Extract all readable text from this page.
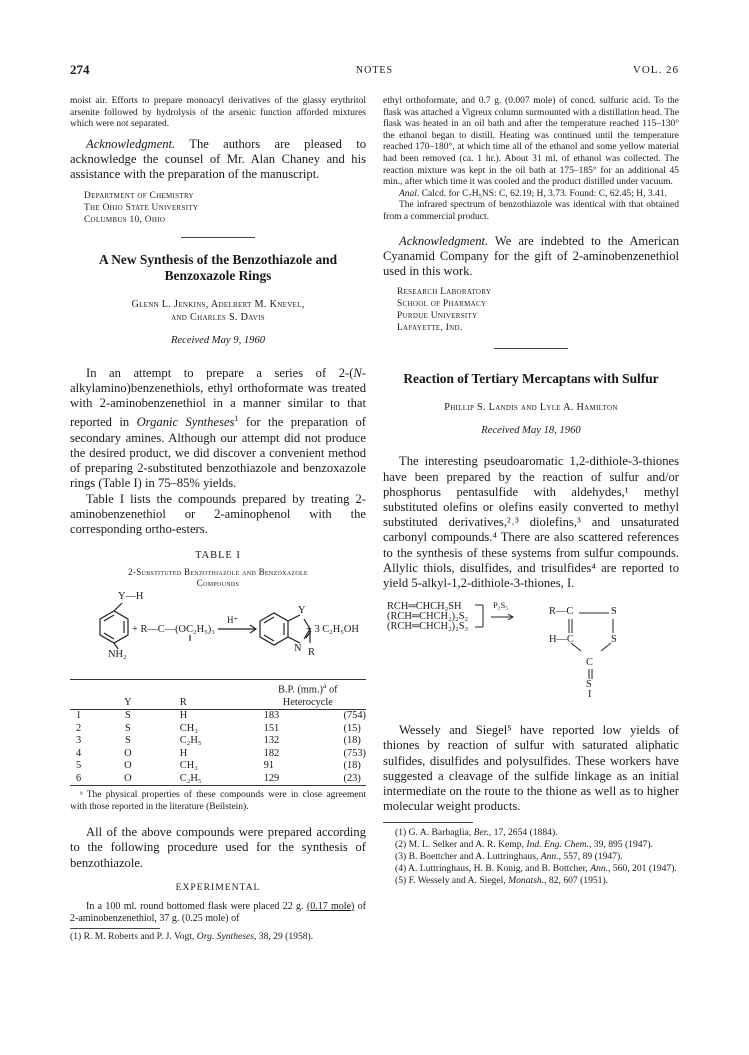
274	NOTES	VOL. 26

moist air. Efforts to prepare monoacyl derivatives of the glassy erythritol arsenite followed by hydrolysis of the arsenic function afforded mixtures which were not separated.

Acknowledgment. The authors are pleased to acknowledge the counsel of Mr. Alan Chaney and his assistance with the preparation of the manuscript.

Department of Chemistry
The Ohio State University
Columbus 10, Ohio
A New Synthesis of the Benzothiazole and
Benzoxazole Rings
Glenn L. Jenkins, Adelbert M. Knevel,
and Charles S. Davis
Received May 9, 1960

In an attempt to prepare a series of 2-(N-alkylamino)benzenethiols, ethyl orthoformate was treated with 2-aminobenzenethiol in a manner similar to that reported in Organic Syntheses$^1$ for the preparation of secondary amines. Although our attempt did not produce the desired product, we did discover a convenient method of preparing 2-substituted benzothiazole and benzoxazole rings (Table I) in 75–85% yields.

Table I lists the compounds prepared by treating 2-aminobenzenethiol or 2-aminophenol with the corresponding ortho-esters.

TABLE I
2-Substituted Benzothiazole and Benzoxazole
Compounds
Y—H
NH₂
+ R—C—(OC₂H₅)₃
H⁺
Y
N R
+ 3 C₂H₅OH
			B.P. $(mm.)^a$ of	
	Y	R	Heterocycle	
1	S	H	183	(754)
2	S	CH₃	151	(15)
3	S	C₂H₅	132	(18)
4	O	H	182	(753)
5	O	CH₃	91	(18)
6	O	C₂H₅	129	(23)

ᵃ The physical properties of these compounds were in close agreement with those reported in the literature (Beilstein).

All of the above compounds were prepared according to the following procedure used for the synthesis of benzothiazole.

EXPERIMENTAL

In a 100 ml. round bottomed flask were placed 22 g. (0.17 mole) of 2-aminobenzenethiol, 37 g. (0.25 mole) of

(1) R. M. Roberts and P. J. Vogt, Org. Syntheses, 38, 29 (1958).

ethyl orthoformate, and 0.7 g. (0.007 mole) of concd. sulfuric acid. To the flask was attached a Vigreux column surmounted with a distillation head. The flask was heated in an oil bath and after the temperature reached 115–130° the ethanol began to distill. Heating was continued until the temperature reached 170–180°, at which time all of the ethanol and some yellow material had been removed (ca. 1 hr.). About 31 ml. of ethanol was collected. The reaction mixture was kept in the oil bath at 175–185° for an additional 45 min., after which time it was cooled and the product distilled under vacuum.

Anal. Calcd. for C₇H₅NS: C, 62.19; H, 3.73. Found: C, 62.45; H, 3.41.

The infrared spectrum of benzothiazole was identical with that obtained from a commercial product.

Acknowledgment. We are indebted to the American Cyanamid Company for the gift of 2-aminobenzenethiol used in this work.

Research Laboratory
School of Pharmacy
Purdue University
Lafayette, Ind.
Reaction of Tertiary Mercaptans with Sulfur
Phillip S. Landis and Lyle A. Hamilton
Received May 18, 1960

The interesting pseudoaromatic 1,2-dithiole-3-thiones have been prepared by the reaction of sulfur and/or phosphorus pentasulfide with aldehydes,¹ methyl substituted olefins or olefins easily converted to methyl substituted derivatives,²˒³ diolefins,³ and unsaturated carbonyl compounds.⁴ There are also scattered references to the synthesis of these systems from sulfur compounds. Allylic thiols, disulfides, and trisulfides⁴ are reported to yield 5-alkyl-1,2-dithiole-3-thiones, I.

RCH═CHCH₂SH
(RCH═CHCH₂)₂S₂
(RCH═CHCH₂)₂S₃
P₂S₅
R—C	S
H—C	S
C
S
I

Wessely and Siegel⁵ have reported low yields of thiones by reaction of sulfur with saturated aliphatic sulfides, disulfides and polysulfides. These workers have suggested a cleavage of the sulfide linkage as an initial intermediate on the route to the thione as well as to higher molecular weight products.

(1) G. A. Barbaglia, Ber., 17, 2654 (1884).

(2) M. L. Selker and A. R. Kemp, Ind. Eng. Chem., 39, 895 (1947).

(3) B. Boettcher and A. Luttringhaus, Ann., 557, 89 (1947).

(4) A. Luttringhaus, H. B. Konig, and B. Bottcher, Ann., 560, 201 (1947).

(5) F. Wessely and A. Siegel, Monatsh., 82, 607 (1951).
